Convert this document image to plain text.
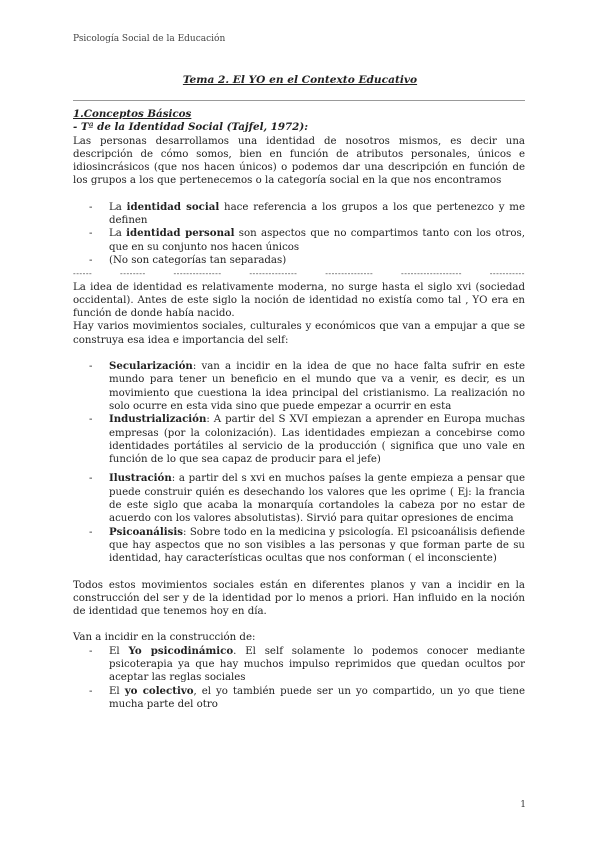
Psicología Social de la Educación
Tema 2. El YO en el Contexto Educativo
1.Conceptos Básicos
- Tª de la Identidad Social (Tajfel, 1972):

Las personas desarrollamos una identidad de nosotros mismos, es decir una descripción de cómo somos, bien en función de atributos personales, únicos e idiosincrásicos (que nos hacen únicos) o podemos dar una descripción en función de los grupos a los que pertenecemos o la categoría social en la que nos encontramos

- La identidad social hace referencia a los grupos a los que pertenezco y me definen
- La identidad personal son aspectos que no compartimos tanto con los otros, que en su conjunto nos hacen únicos
- (No son categorías tan separadas)
------	--------	---------------	---------------	---------------	-------------------	-----------

La idea de identidad es relativamente moderna, no surge hasta el siglo xvi (sociedad occidental). Antes de este siglo la noción de identidad no existía como tal , YO era en función de donde había nacido.

Hay varios movimientos sociales, culturales y económicos que van a empujar a que se construya esa idea e importancia del self:

- Secularización: van a incidir en la idea de que no hace falta sufrir en este mundo para tener un beneficio en el mundo que va a venir, es decir, es un movimiento que cuestiona la idea principal del cristianismo. La realización no solo ocurre en esta vida sino que puede empezar a ocurrir en esta
- Industrialización: A partir del S XVI empiezan a aprender en Europa muchas empresas (por la colonización). Las identidades empiezan a concebirse como identidades portátiles al servicio de la producción ( significa que uno vale en función de lo que sea capaz de producir para el jefe)
- Ilustración: a partir del s xvi en muchos países la gente empieza a pensar que puede construir quién es desechando los valores que les oprime ( Ej: la francia de este siglo que acaba la monarquía cortandoles la cabeza por no estar de acuerdo con los valores absolutistas). Sirvió para quitar opresiones de encima
- Psicoanálisis: Sobre todo en la medicina y psicología. El psicoanálisis defiende que hay aspectos que no son visibles a las personas y que forman parte de su identidad, hay características ocultas que nos conforman ( el inconsciente)

Todos estos movimientos sociales están en diferentes planos y van a incidir en la construcción del ser y de la identidad por lo menos a priori. Han influido en la noción de identidad que tenemos hoy en día.

Van a incidir en la construcción de:

- El Yo psicodinámico. El self solamente lo podemos conocer mediante psicoterapia ya que hay muchos impulso reprimidos que quedan ocultos por aceptar las reglas sociales
- El yo colectivo, el yo también puede ser un yo compartido, un yo que tiene mucha parte del otro
1
